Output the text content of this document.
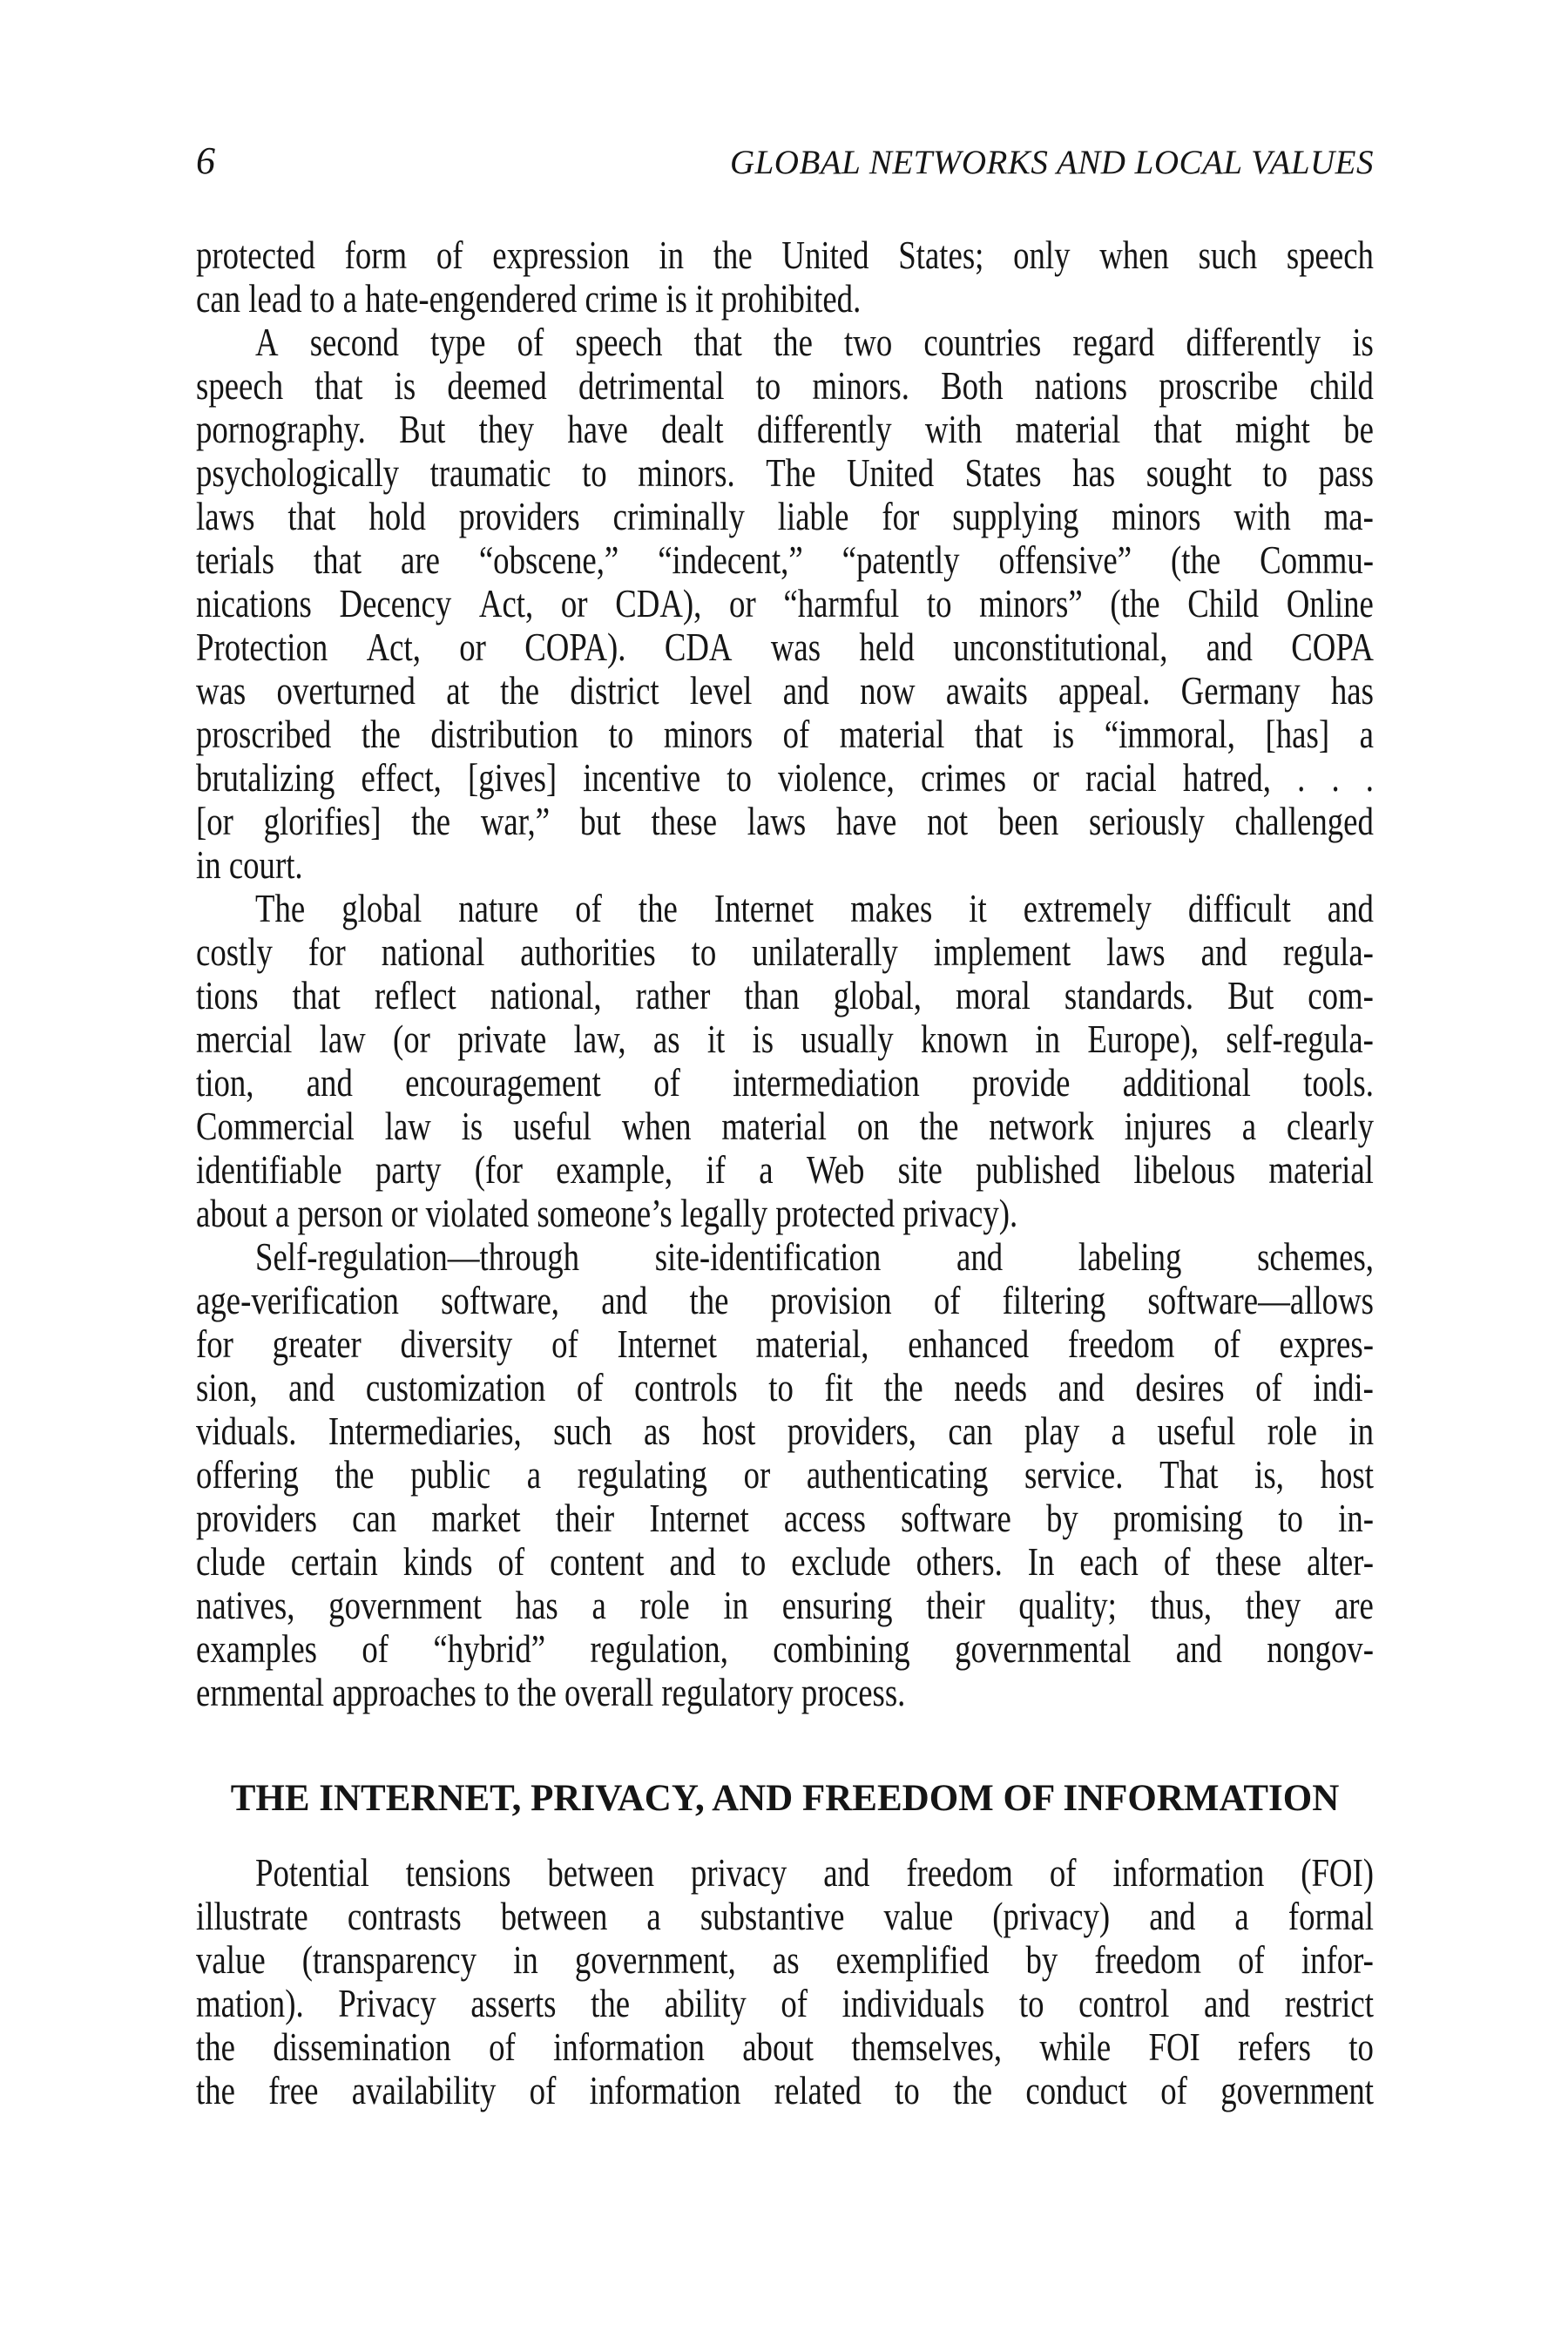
6	GLOBAL NETWORKS AND LOCAL VALUES
protected form of expression in the United States; only when such speech
can lead to a hate-engendered crime is it prohibited.
A second type of speech that the two countries regard differently is
speech that is deemed detrimental to minors. Both nations proscribe child
pornography. But they have dealt differently with material that might be
psychologically traumatic to minors. The United States has sought to pass
laws that hold providers criminally liable for supplying minors with ma-
terials that are “obscene,” “indecent,” “patently offensive” (the Commu-
nications Decency Act, or CDA), or “harmful to minors” (the Child Online
Protection Act, or COPA). CDA was held unconstitutional, and COPA
was overturned at the district level and now awaits appeal. Germany has
proscribed the distribution to minors of material that is “immoral, [has] a
brutalizing effect, [gives] incentive to violence, crimes or racial hatred, . . .
[or glorifies] the war,” but these laws have not been seriously challenged
in court.
The global nature of the Internet makes it extremely difficult and
costly for national authorities to unilaterally implement laws and regula-
tions that reflect national, rather than global, moral standards. But com-
mercial law (or private law, as it is usually known in Europe), self-regula-
tion, and encouragement of intermediation provide additional tools.
Commercial law is useful when material on the network injures a clearly
identifiable party (for example, if a Web site published libelous material
about a person or violated someone’s legally protected privacy).
Self-regulation—through site-identification and labeling schemes,
age-verification software, and the provision of filtering software—allows
for greater diversity of Internet material, enhanced freedom of expres-
sion, and customization of controls to fit the needs and desires of indi-
viduals. Intermediaries, such as host providers, can play a useful role in
offering the public a regulating or authenticating service. That is, host
providers can market their Internet access software by promising to in-
clude certain kinds of content and to exclude others. In each of these alter-
natives, government has a role in ensuring their quality; thus, they are
examples of “hybrid” regulation, combining governmental and nongov-
ernmental approaches to the overall regulatory process.
THE INTERNET, PRIVACY, AND FREEDOM OF INFORMATION
Potential tensions between privacy and freedom of information (FOI)
illustrate contrasts between a substantive value (privacy) and a formal
value (transparency in government, as exemplified by freedom of infor-
mation). Privacy asserts the ability of individuals to control and restrict
the dissemination of information about themselves, while FOI refers to
the free availability of information related to the conduct of government
